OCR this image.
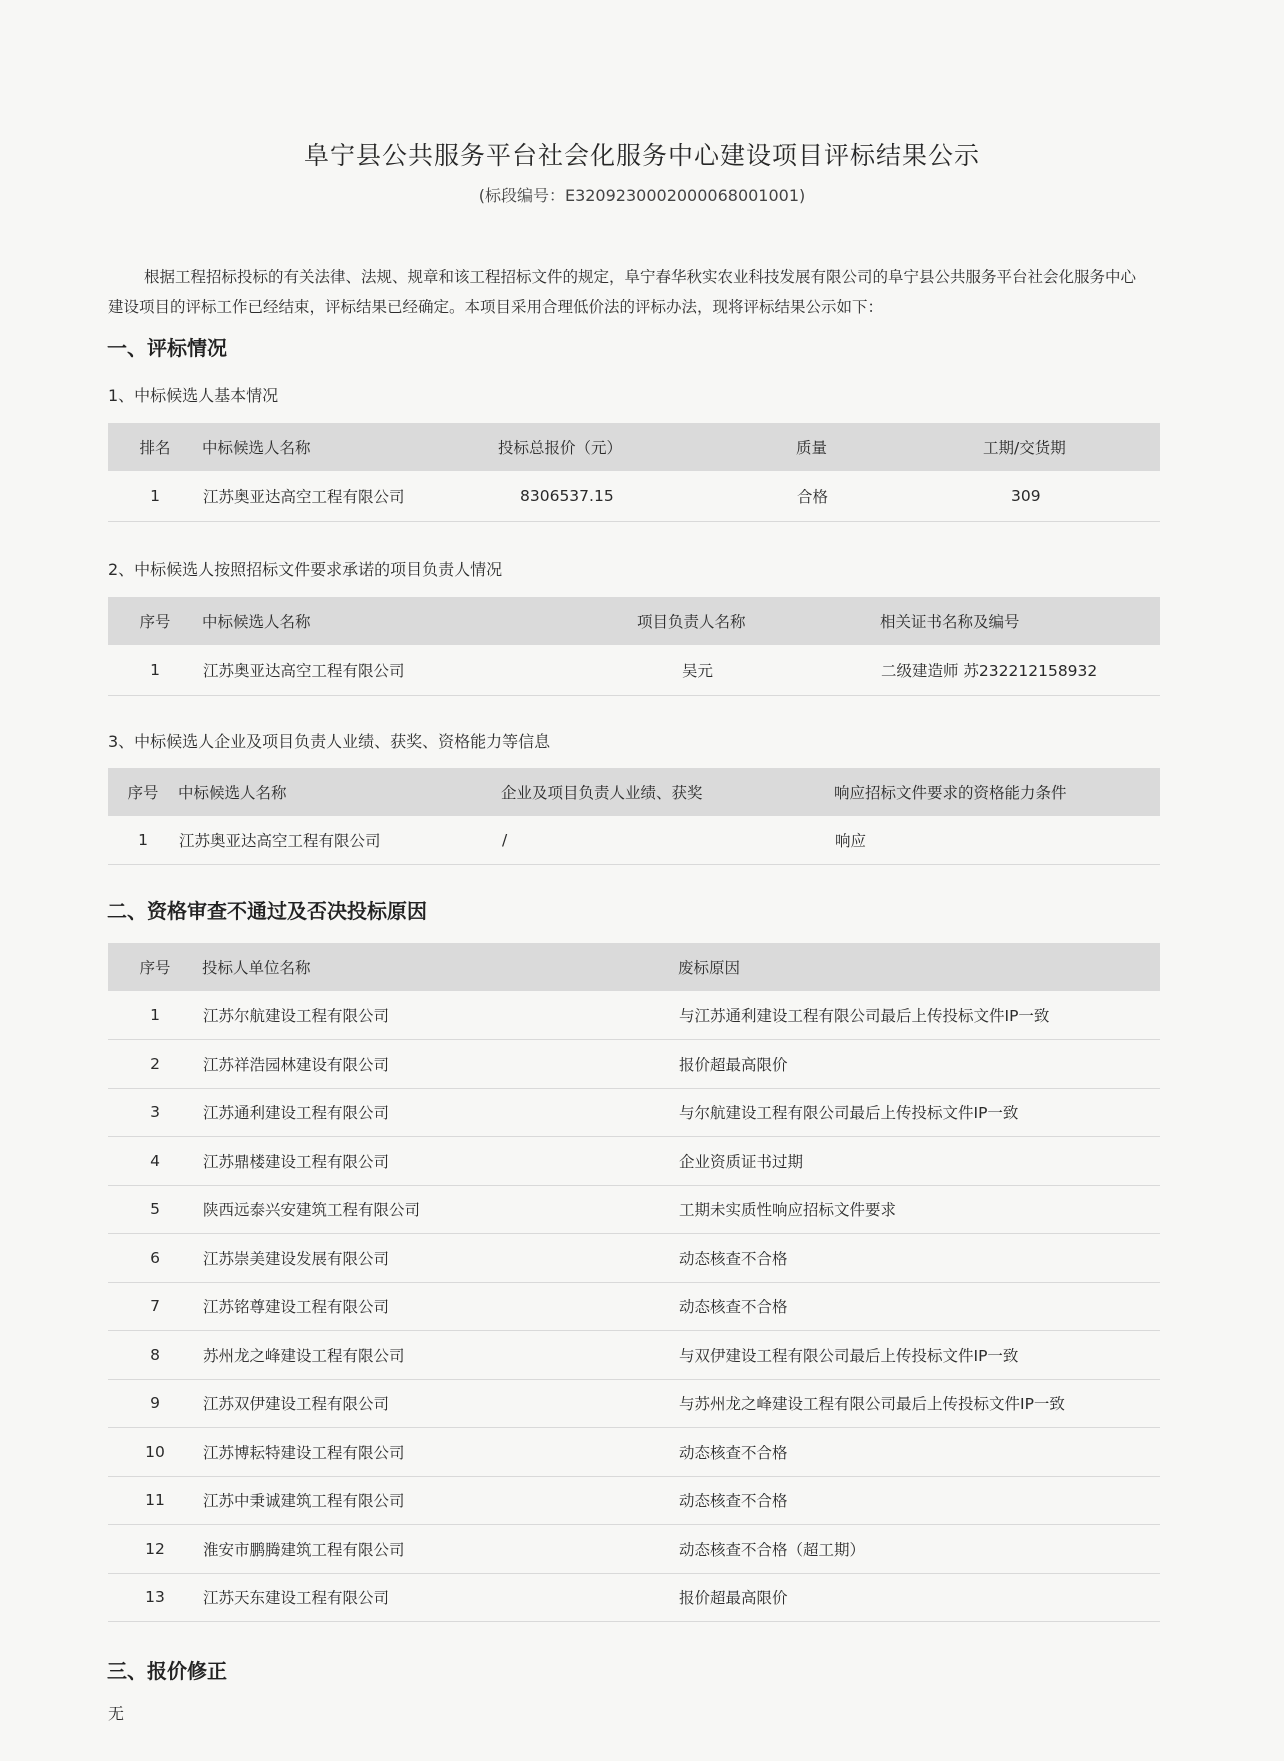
阜宁县公共服务平台社会化服务中心建设项目评标结果公示
(标段编号：E3209230002000068001001)
根据工程招标投标的有关法律、法规、规章和该工程招标文件的规定，阜宁春华秋实农业科技发展有限公司的阜宁县公共服务平台社会化服务中心建设项目的评标工作已经结束，评标结果已经确定。本项目采用合理低价法的评标办法，现将评标结果公示如下：
一、评标情况
1、中标候选人基本情况
排名	中标候选人名称	投标总报价（元）	质量	工期/交货期
1	江苏奥亚达高空工程有限公司	8306537.15	合格	309
2、中标候选人按照招标文件要求承诺的项目负责人情况
序号	中标候选人名称	项目负责人名称	相关证书名称及编号
1	江苏奥亚达高空工程有限公司	吴元	二级建造师 苏232212158932
3、中标候选人企业及项目负责人业绩、获奖、资格能力等信息
序号	中标候选人名称	企业及项目负责人业绩、获奖	响应招标文件要求的资格能力条件
1	江苏奥亚达高空工程有限公司	/	响应
二、资格审查不通过及否决投标原因
序号	投标人单位名称	废标原因
1	江苏尔航建设工程有限公司	与江苏通利建设工程有限公司最后上传投标文件IP一致
2	江苏祥浩园林建设有限公司	报价超最高限价
3	江苏通利建设工程有限公司	与尔航建设工程有限公司最后上传投标文件IP一致
4	江苏鼎楼建设工程有限公司	企业资质证书过期
5	陕西远泰兴安建筑工程有限公司	工期未实质性响应招标文件要求
6	江苏崇美建设发展有限公司	动态核查不合格
7	江苏铭尊建设工程有限公司	动态核查不合格
8	苏州龙之峰建设工程有限公司	与双伊建设工程有限公司最后上传投标文件IP一致
9	江苏双伊建设工程有限公司	与苏州龙之峰建设工程有限公司最后上传投标文件IP一致
10	江苏博耘特建设工程有限公司	动态核查不合格
11	江苏中秉诚建筑工程有限公司	动态核查不合格
12	淮安市鹏腾建筑工程有限公司	动态核查不合格（超工期）
13	江苏天东建设工程有限公司	报价超最高限价
三、报价修正
无
